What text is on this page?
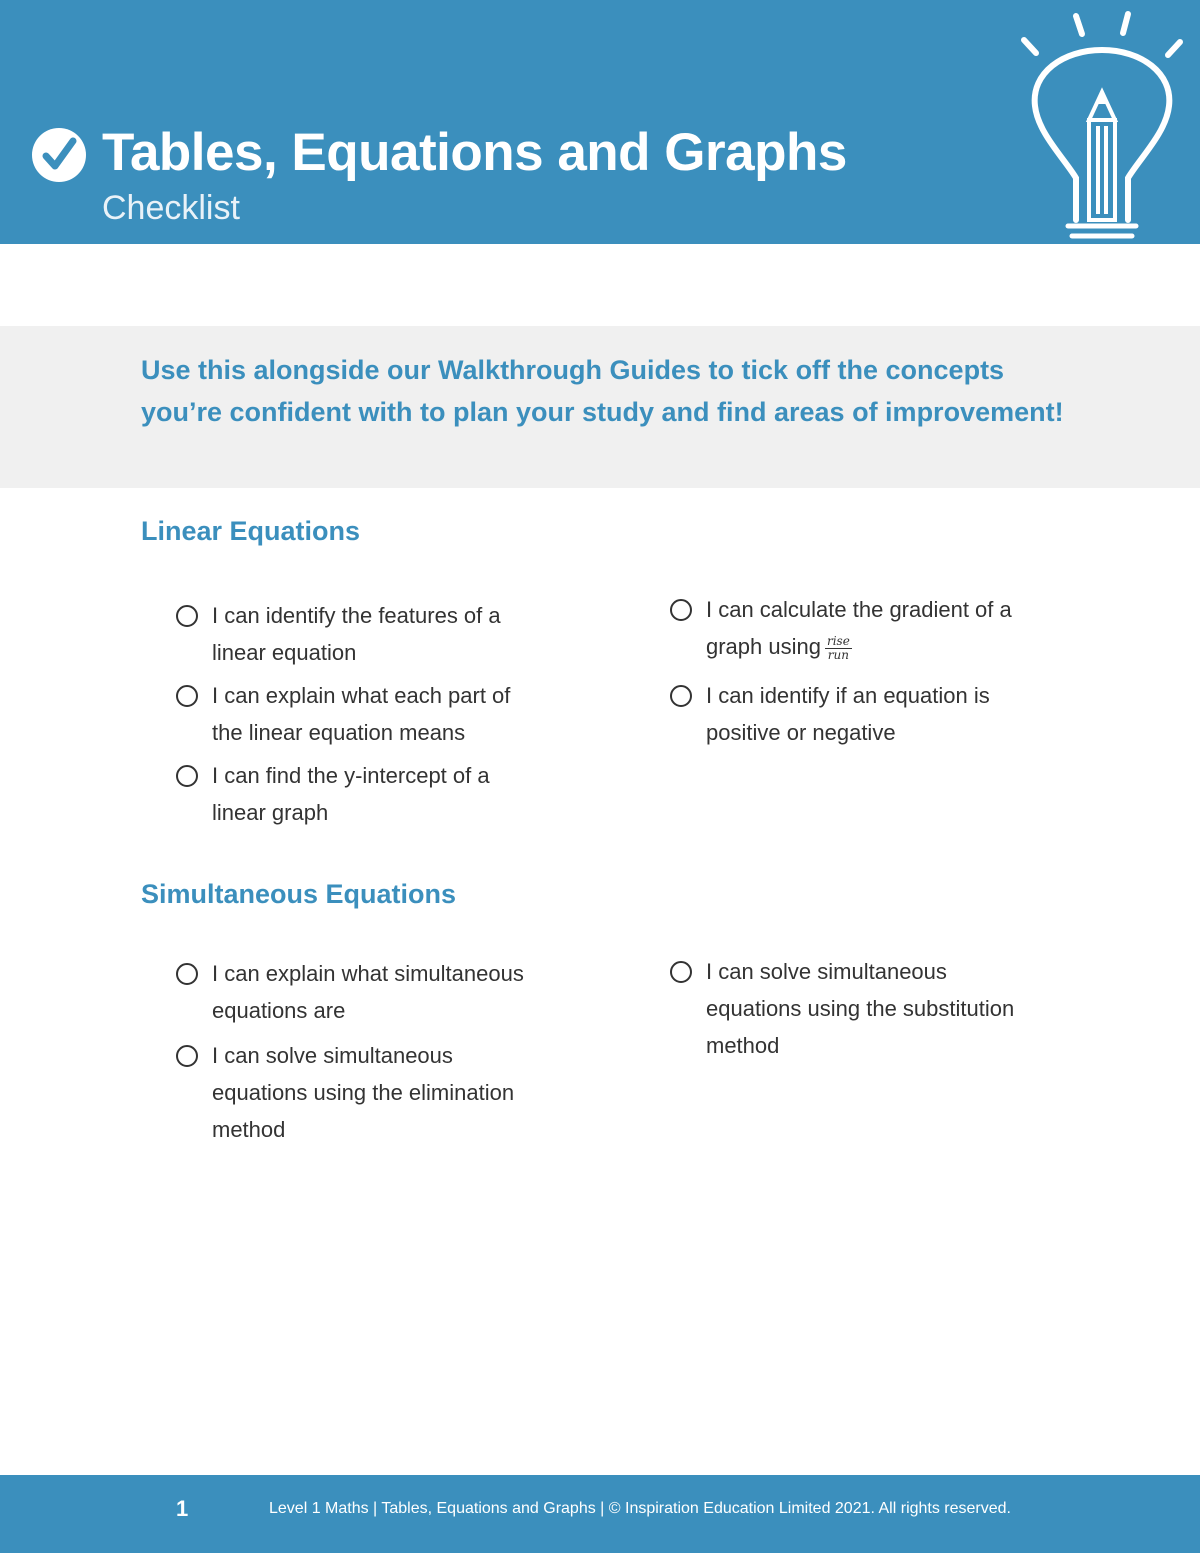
Tables, Equations and Graphs
Checklist
Use this alongside our Walkthrough Guides to tick off the concepts you’re confident with to plan your study and find areas of improvement!
Linear Equations
I can identify the features of a
linear equation
I can explain what each part of
the linear equation means
I can find the y-intercept of a
linear graph
I can calculate the gradient of a
graph using $\frac{\text{rise}}{\text{run}}$
I can identify if an equation is
positive or negative
Simultaneous Equations
I can explain what simultaneous
equations are
I can solve simultaneous
equations using the elimination
method
I can solve simultaneous
equations using the substitution
method
1	Level 1 Maths | Tables, Equations and Graphs | © Inspiration Education Limited 2021. All rights reserved.
